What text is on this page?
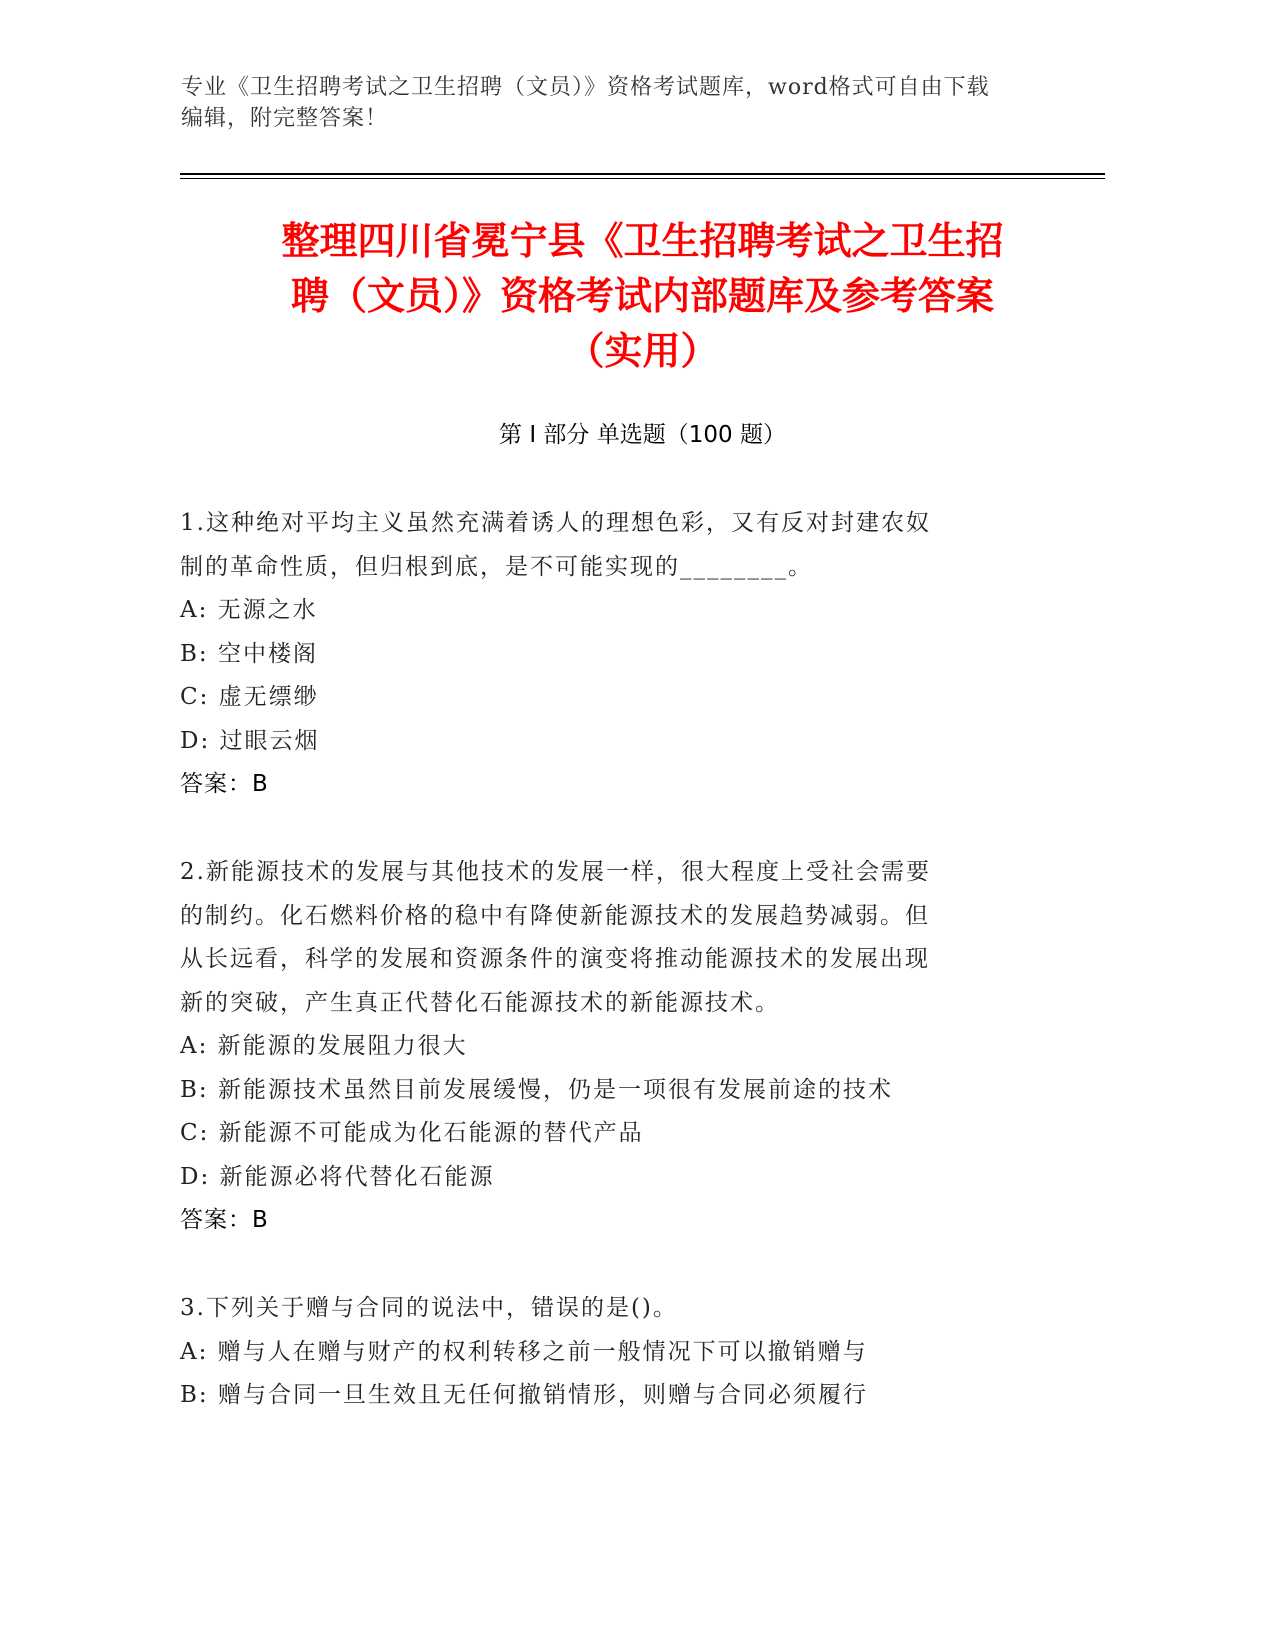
专业《卫生招聘考试之卫生招聘（文员）》资格考试题库，word格式可自由下载
编辑，附完整答案！
整理四川省冕宁县《卫生招聘考试之卫生招
聘（文员）》资格考试内部题库及参考答案
（实用）
第 I 部分 单选题（100 题）
1.这种绝对平均主义虽然充满着诱人的理想色彩，又有反对封建农奴
制的革命性质，但归根到底，是不可能实现的________。
A: 无源之水
B: 空中楼阁
C: 虚无缥缈
D: 过眼云烟
答案：B
2.新能源技术的发展与其他技术的发展一样，很大程度上受社会需要
的制约。化石燃料价格的稳中有降使新能源技术的发展趋势减弱。但
从长远看，科学的发展和资源条件的演变将推动能源技术的发展出现
新的突破，产生真正代替化石能源技术的新能源技术。
A: 新能源的发展阻力很大
B: 新能源技术虽然目前发展缓慢，仍是一项很有发展前途的技术
C: 新能源不可能成为化石能源的替代产品
D: 新能源必将代替化石能源
答案：B
3.下列关于赠与合同的说法中，错误的是()。
A: 赠与人在赠与财产的权利转移之前一般情况下可以撤销赠与
B: 赠与合同一旦生效且无任何撤销情形，则赠与合同必须履行
